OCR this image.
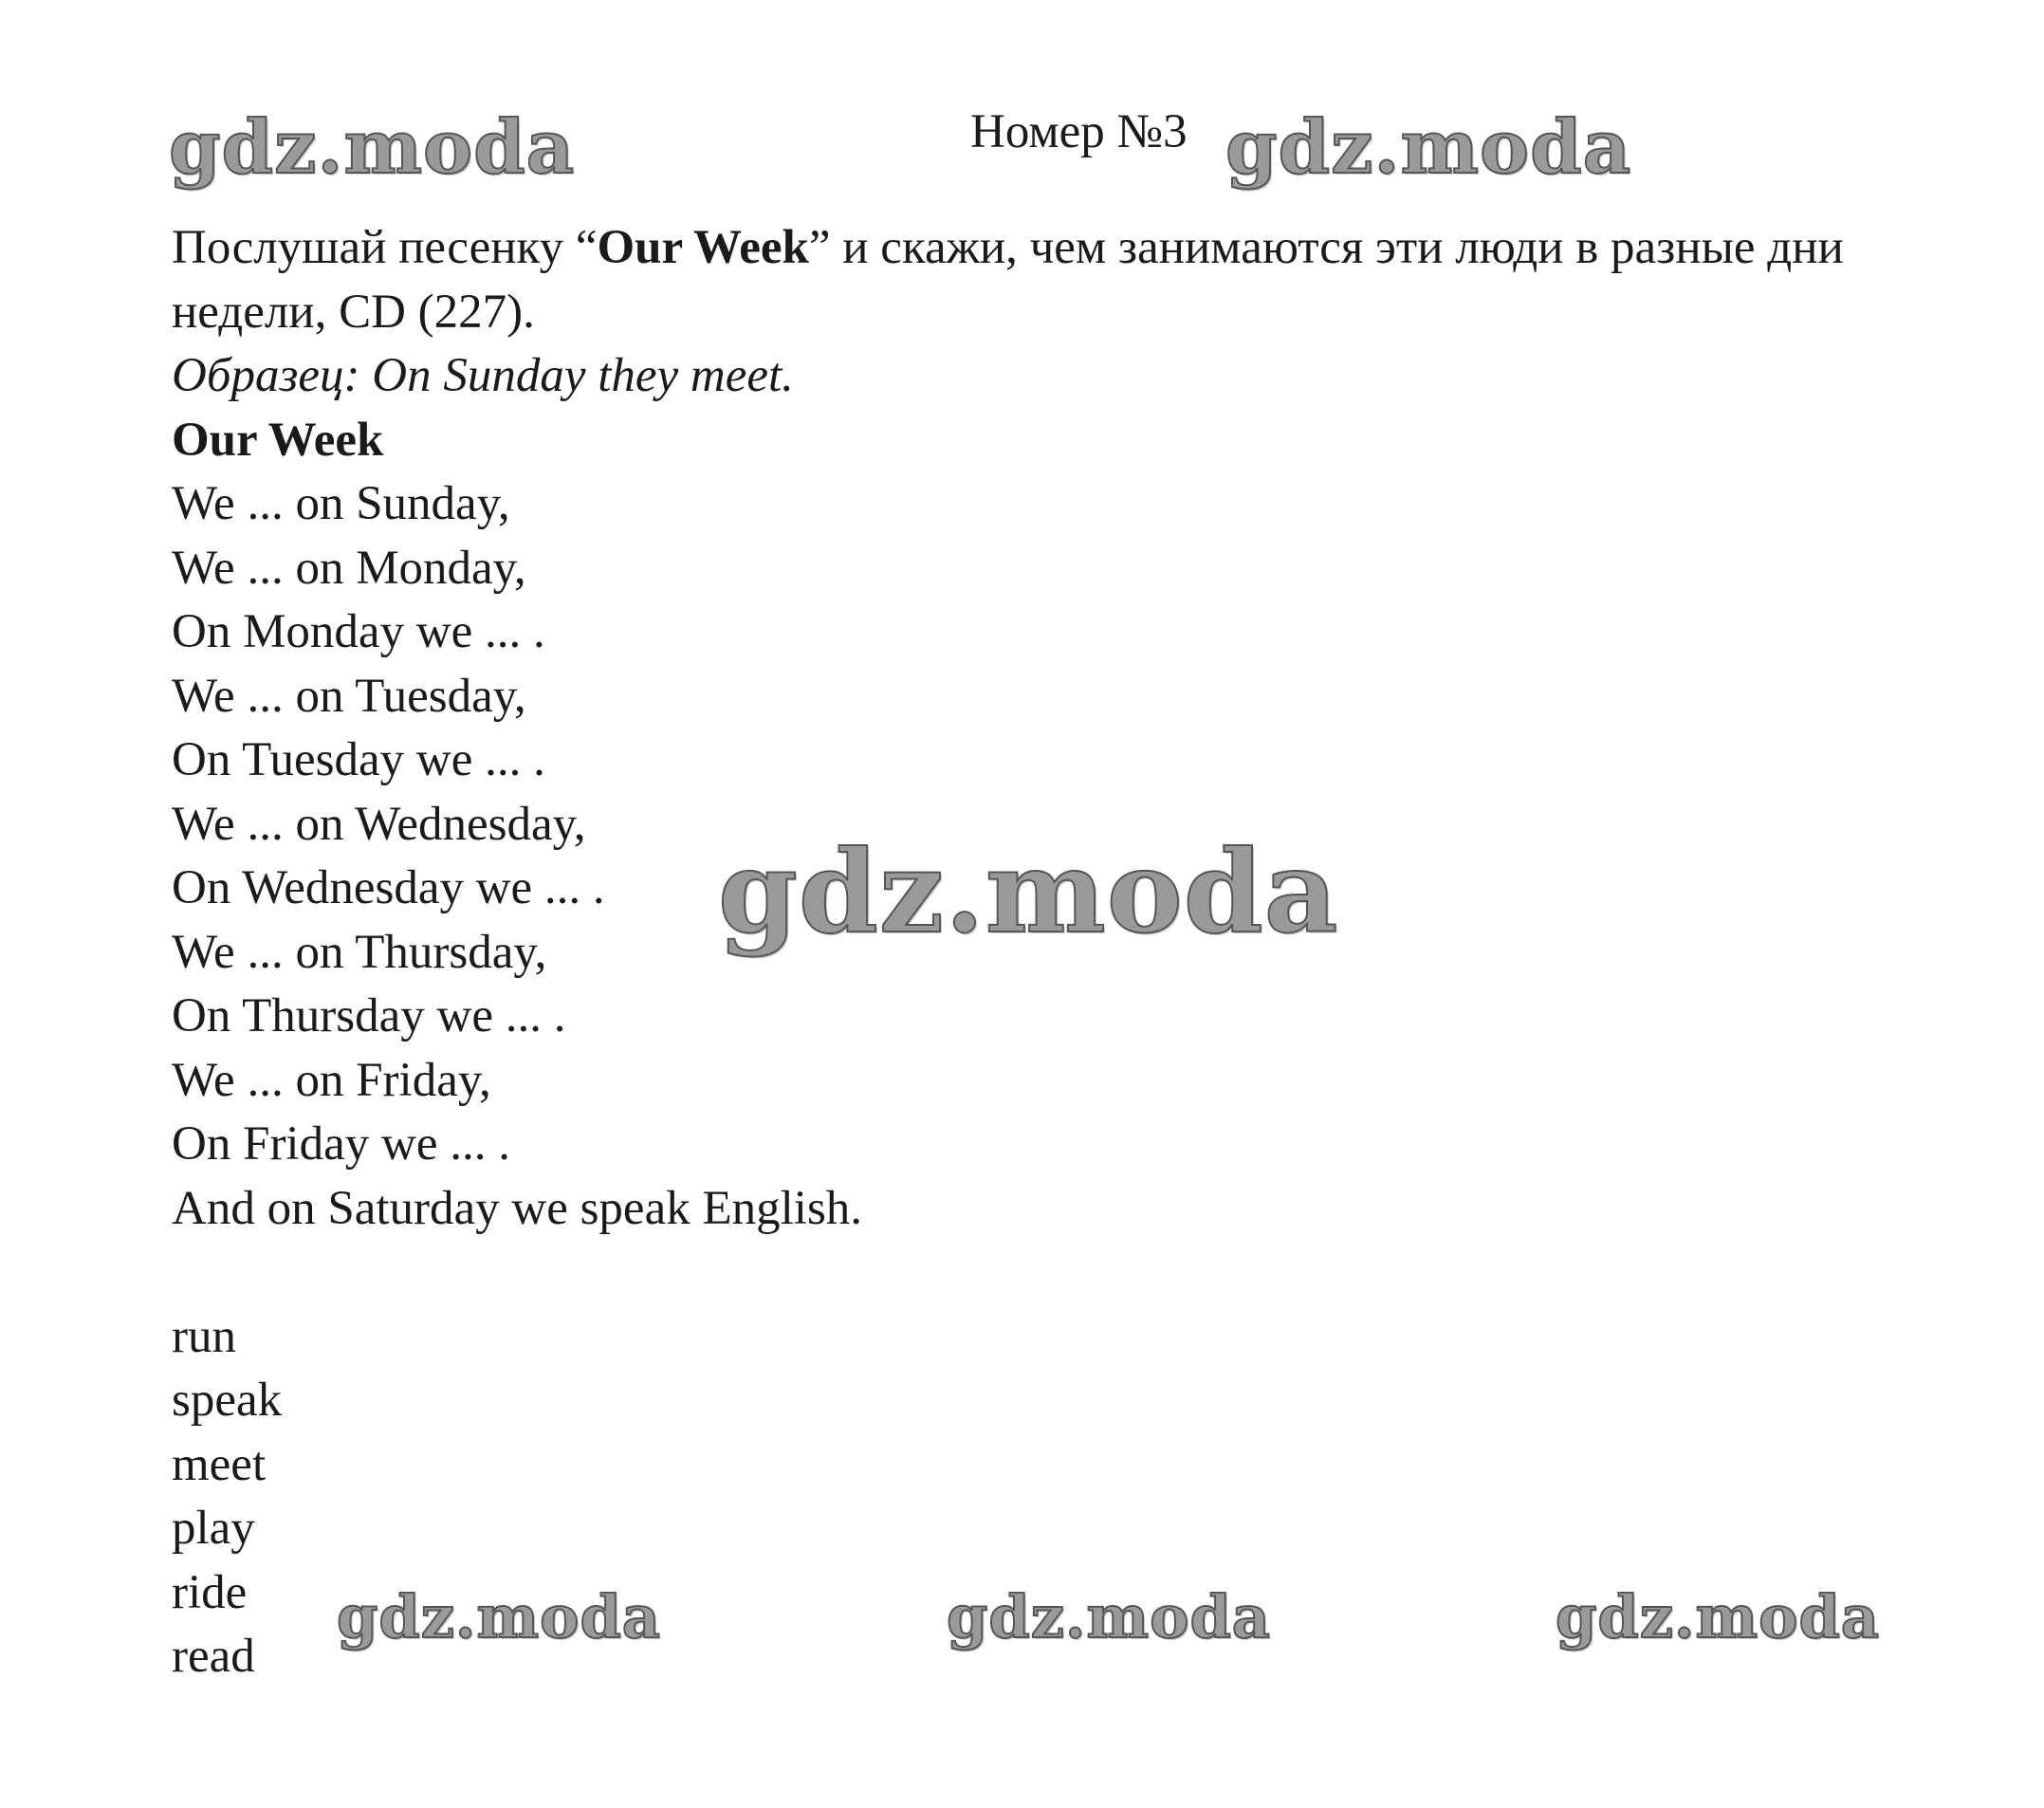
Номер №3
Послушай песенку “Our Week” и скажи, чем занимаются эти люди в разные дни недели, CD (227).
Образец: On Sunday they meet.
Our Week
We ... on Sunday,
We ... on Monday,
On Monday we ... .
We ... on Tuesday,
On Tuesday we ... .
We ... on Wednesday,
On Wednesday we ... .
We ... on Thursday,
On Thursday we ... .
We ... on Friday,
On Friday we ... .
And on Saturday we speak English.
run
speak
meet
play
ride
read
gdz.moda	gdz.moda
gdz.moda
gdz.moda	gdz.moda	gdz.moda
